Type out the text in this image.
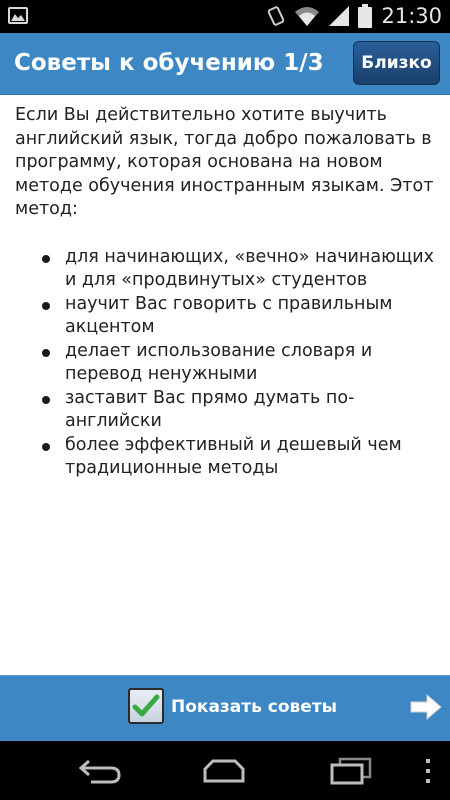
21:30
Советы к обучению 1/3	Близко

Если Вы действительно хотите выучить английский язык, тогда добро пожаловать в программу, которая основана на новом методе обучения иностранным языкам. Этот метод:

для начинающих, «вечно» начинающих и для «продвинутых» студентов
научит Вас говорить с правильным акцентом
делает использование словаря и перевод ненужными
заставит Вас прямо думать по-английски
более эффективный и дешевый чем традиционные методы
Показать советы
